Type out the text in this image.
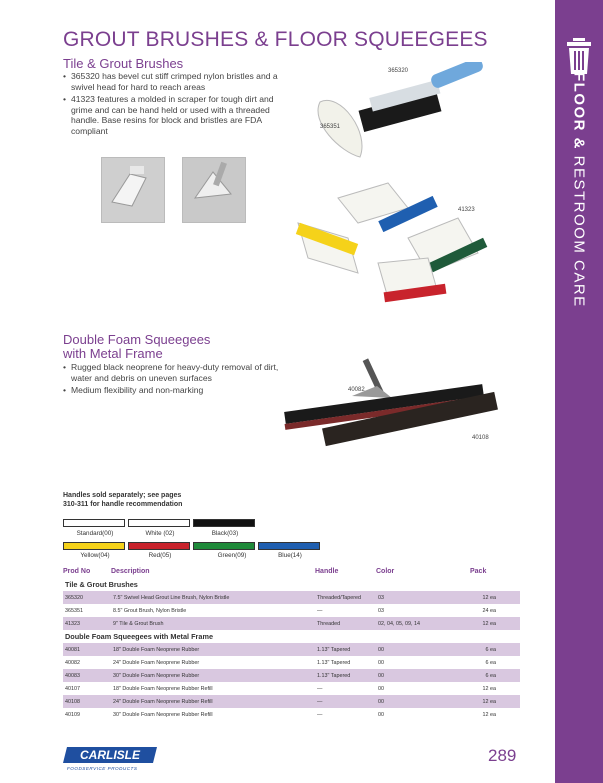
FLOOR & RESTROOM CARE
GROUT BRUSHES & FLOOR SQUEEGEES
Tile & Grout Brushes
• 365320 has bevel cut stiff crimped nylon bristles and a swivel head for hard to reach areas
• 41323 features a molded in scraper for tough dirt and grime and can be hand held or used with a threaded handle. Base resins for block and bristles are FDA compliant
365320
365351
41323
Double Foam Squeegees
with Metal Frame
• Rugged black neoprene for heavy-duty removal of dirt, water and debris on uneven surfaces
• Medium flexibility and non-marking	40082
40108
Handles sold separately; see pages
310-311 for handle recommendation
Standard(00)	White (02)	Black(03)
Yellow(04)	Red(05)	Green(09)	Blue(14)
Prod No	Description	Handle	Color	Pack
Tile & Grout Brushes				
365320	7.5" Swivel Head Grout Line Brush, Nylon Bristle	Threaded/Tapered	03	12 ea
365351	8.5" Grout Brush, Nylon Bristle	—	03	24 ea
41323	9" Tile & Grout Brush	Threaded	02, 04, 05, 09, 14	12 ea
Double Foam Squeegees with Metal Frame				
40081	18" Double Foam Neoprene Rubber	1.13" Tapered	00	6 ea
40082	24" Double Foam Neoprene Rubber	1.13" Tapered	00	6 ea
40083	30" Double Foam Neoprene Rubber	1.13" Tapered	00	6 ea
40107	18" Double Foam Neoprene Rubber Refill	—	00	12 ea
40108	24" Double Foam Neoprene Rubber Refill	—	00	12 ea
40109	30" Double Foam Neoprene Rubber Refill	—	00	12 ea
CARLISLE
FOODSERVICE PRODUCTS
289
